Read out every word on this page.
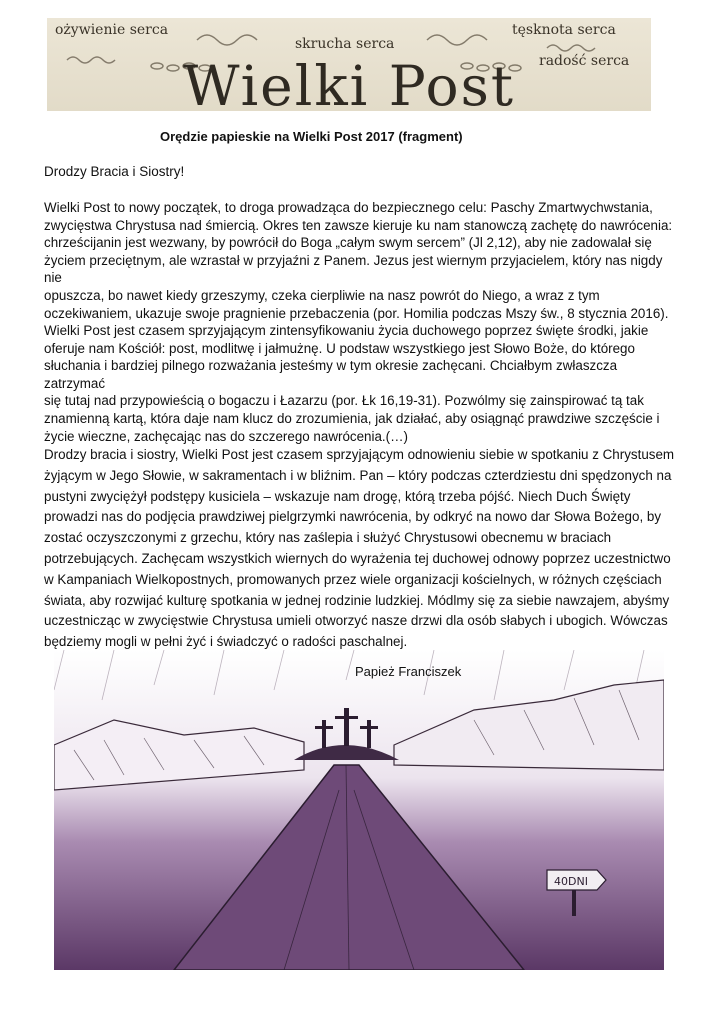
ożywienie serca	tęsknota serca
skrucha serca
radość serca
Wielki Post
Orędzie papieskie na Wielki Post 2017 (fragment)
Drodzy Bracia i Siostry!
Wielki Post to nowy początek, to droga prowadząca do bezpiecznego celu: Paschy Zmartwychwstania,
zwycięstwa Chrystusa nad śmiercią. Okres ten zawsze kieruje ku nam stanowczą zachętę do nawrócenia:
chrześcijanin jest wezwany, by powrócił do Boga „całym swym sercem” (Jl 2,12), aby nie zadowalał się
życiem przeciętnym, ale wzrastał w przyjaźni z Panem. Jezus jest wiernym przyjacielem, który nas nigdy nie
opuszcza, bo nawet kiedy grzeszymy, czeka cierpliwie na nasz powrót do Niego, a wraz z tym
oczekiwaniem, ukazuje swoje pragnienie przebaczenia (por. Homilia podczas Mszy św., 8 stycznia 2016).
Wielki Post jest czasem sprzyjającym zintensyfikowaniu życia duchowego poprzez święte środki, jakie
oferuje nam Kościół: post, modlitwę i jałmużnę. U podstaw wszystkiego jest Słowo Boże, do którego
słuchania i bardziej pilnego rozważania jesteśmy w tym okresie zachęcani. Chciałbym zwłaszcza zatrzymać
się tutaj nad przypowieścią o bogaczu i Łazarzu (por. Łk 16,19-31). Pozwólmy się zainspirować tą tak
znamienną kartą, która daje nam klucz do zrozumienia, jak działać, aby osiągnąć prawdziwe szczęście i
życie wieczne, zachęcając nas do szczerego nawrócenia.(…)
Drodzy bracia i siostry, Wielki Post jest czasem sprzyjającym odnowieniu siebie w spotkaniu z Chrystusem
żyjącym w Jego Słowie, w sakramentach i w bliźnim. Pan – który podczas czterdziestu dni spędzonych na
pustyni zwyciężył podstępy kusiciela – wskazuje nam drogę, którą trzeba pójść. Niech Duch Święty
prowadzi nas do podjęcia prawdziwej pielgrzymki nawrócenia, by odkryć na nowo dar Słowa Bożego, by
zostać oczyszczonymi z grzechu, który nas zaślepia i służyć Chrystusowi obecnemu w braciach
potrzebujących. Zachęcam wszystkich wiernych do wyrażenia tej duchowej odnowy poprzez uczestnictwo
w Kampaniach Wielkopostnych, promowanych przez wiele organizacji kościelnych, w różnych częściach
świata, aby rozwijać kulturę spotkania w jednej rodzinie ludzkiej. Módlmy się za siebie nawzajem, abyśmy
uczestnicząc w zwycięstwie Chrystusa umieli otworzyć nasze drzwi dla osób słabych i ubogich. Wówczas
będziemy mogli w pełni żyć i świadczyć o radości paschalnej.
40DNI
Papież Franciszek
